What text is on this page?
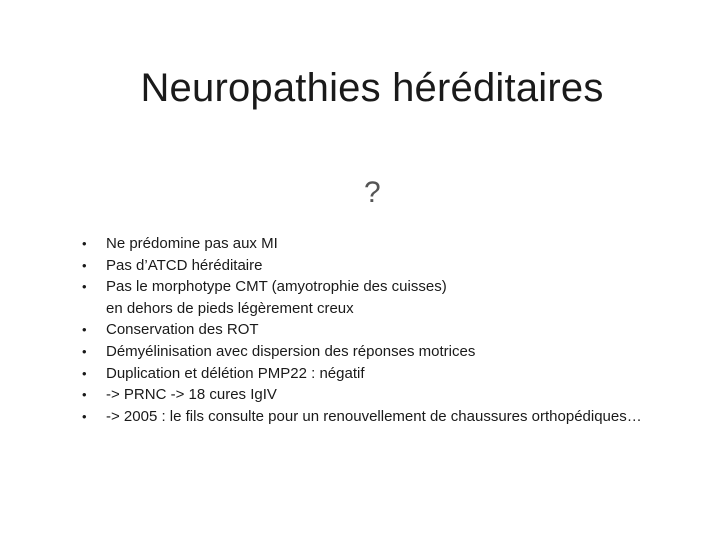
Neuropathies héréditaires
?
•	Ne prédomine pas aux MI
•	Pas d’ATCD héréditaire
•	Pas le morphotype CMT (amyotrophie des cuisses)
en dehors de pieds légèrement creux
•	Conservation des ROT
•	Démyélinisation avec dispersion des réponses motrices
•	Duplication et délétion PMP22 : négatif
•	-> PRNC -> 18 cures IgIV
•	-> 2005 : le fils consulte pour un renouvellement de chaussures orthopédiques…
